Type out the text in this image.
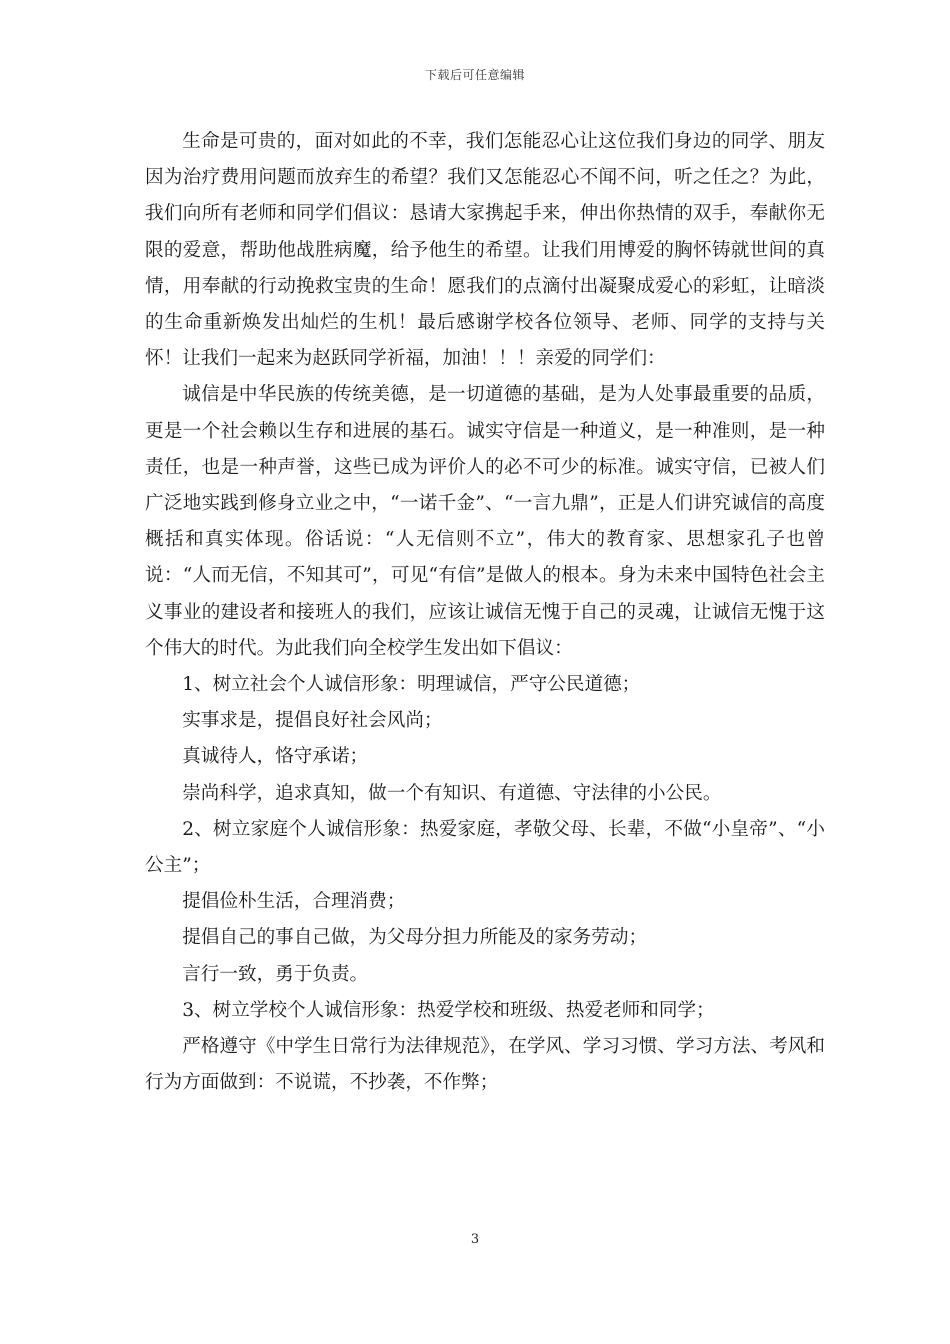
下载后可任意编辑

生命是可贵的，面对如此的不幸，我们怎能忍心让这位我们身边的同学、朋友因为治疗费用问题而放弃生的希望？我们又怎能忍心不闻不问，听之任之？为此，我们向所有老师和同学们倡议：恳请大家携起手来，伸出你热情的双手，奉献你无限的爱意，帮助他战胜病魔，给予他生的希望。让我们用博爱的胸怀铸就世间的真情，用奉献的行动挽救宝贵的生命！愿我们的点滴付出凝聚成爱心的彩虹，让暗淡的生命重新焕发出灿烂的生机！最后感谢学校各位领导、老师、同学的支持与关怀！让我们一起来为赵跃同学祈福，加油！！！亲爱的同学们：

诚信是中华民族的传统美德，是一切道德的基础，是为人处事最重要的品质，更是一个社会赖以生存和进展的基石。诚实守信是一种道义，是一种准则，是一种责任，也是一种声誉，这些已成为评价人的必不可少的标准。诚实守信，已被人们广泛地实践到修身立业之中，“一诺千金”、“一言九鼎”，正是人们讲究诚信的高度概括和真实体现。俗话说：“人无信则不立”，伟大的教育家、思想家孔子也曾说：“人而无信，不知其可”，可见“有信”是做人的根本。身为未来中国特色社会主义事业的建设者和接班人的我们，应该让诚信无愧于自己的灵魂，让诚信无愧于这个伟大的时代。为此我们向全校学生发出如下倡议：

1、树立社会个人诚信形象：明理诚信，严守公民道德；

实事求是，提倡良好社会风尚；

真诚待人，恪守承诺；

崇尚科学，追求真知，做一个有知识、有道德、守法律的小公民。

2、树立家庭个人诚信形象：热爱家庭，孝敬父母、长辈，不做“小皇帝”、“小公主”；

提倡俭朴生活，合理消费；

提倡自己的事自己做，为父母分担力所能及的家务劳动；

言行一致，勇于负责。

3、树立学校个人诚信形象：热爱学校和班级、热爱老师和同学；

严格遵守《中学生日常行为法律规范》，在学风、学习习惯、学习方法、考风和行为方面做到：不说谎，不抄袭，不作弊；

3
